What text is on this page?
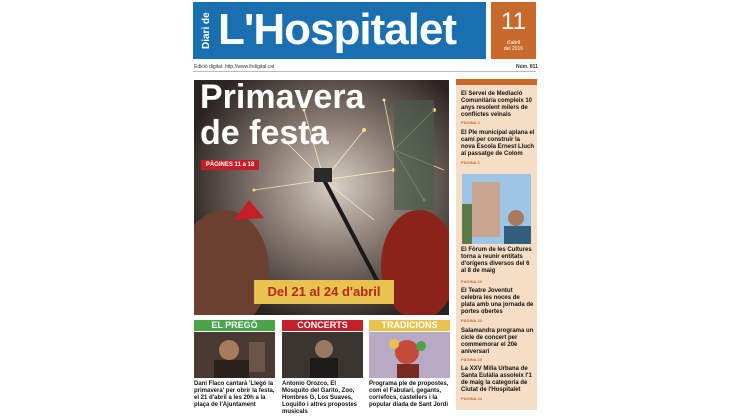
Diari de L'Hospitalet	11
d'abril
del 2016
Edició digital: http://www.lhdigital.cat	Núm. 811
Primavera
de festa
PÀGINES 11 a 18
Del 21 al 24 d'abril
EL PREGÓ
Dani Flaco cantarà 'Llegó la primavera' per obrir la festa, el 21 d'abril a les 20h a la plaça de l'Ajuntament
CONCERTS
Antonio Orozco, El Mosquito del Garito, Zoo, Hombres G, Los Suaves, Loquillo i altres propostes musicals
TRADICIONS
Programa ple de propostes, com el Fabulari, gegants, correfocs, castellers i la popular diada de Sant Jordi
El Servei de Mediació Comunitària compleix 10 anys resolent milers de conflictes veïnals
PÀGINA 3
El Ple municipal aplana el camí per construir la nova Escola Ernest Lluch al passatge de Colom
PÀGINA 6
El Fòrum de les Cultures torna a reunir entitats d'orígens diversos del 6 al 8 de maig
PÀGINA 20
El Teatre Joventut celebra les noces de plata amb una jornada de portes obertes
PÀGINA 22
Salamandra programa un cicle de concert per commemorar el 20è aniversari
PÀGINA 23
La XXV Milla Urbana de Santa Eulàlia assoleix l'1 de maig la categoria de Ciutat de l'Hospitalet
PÀGINA 24
